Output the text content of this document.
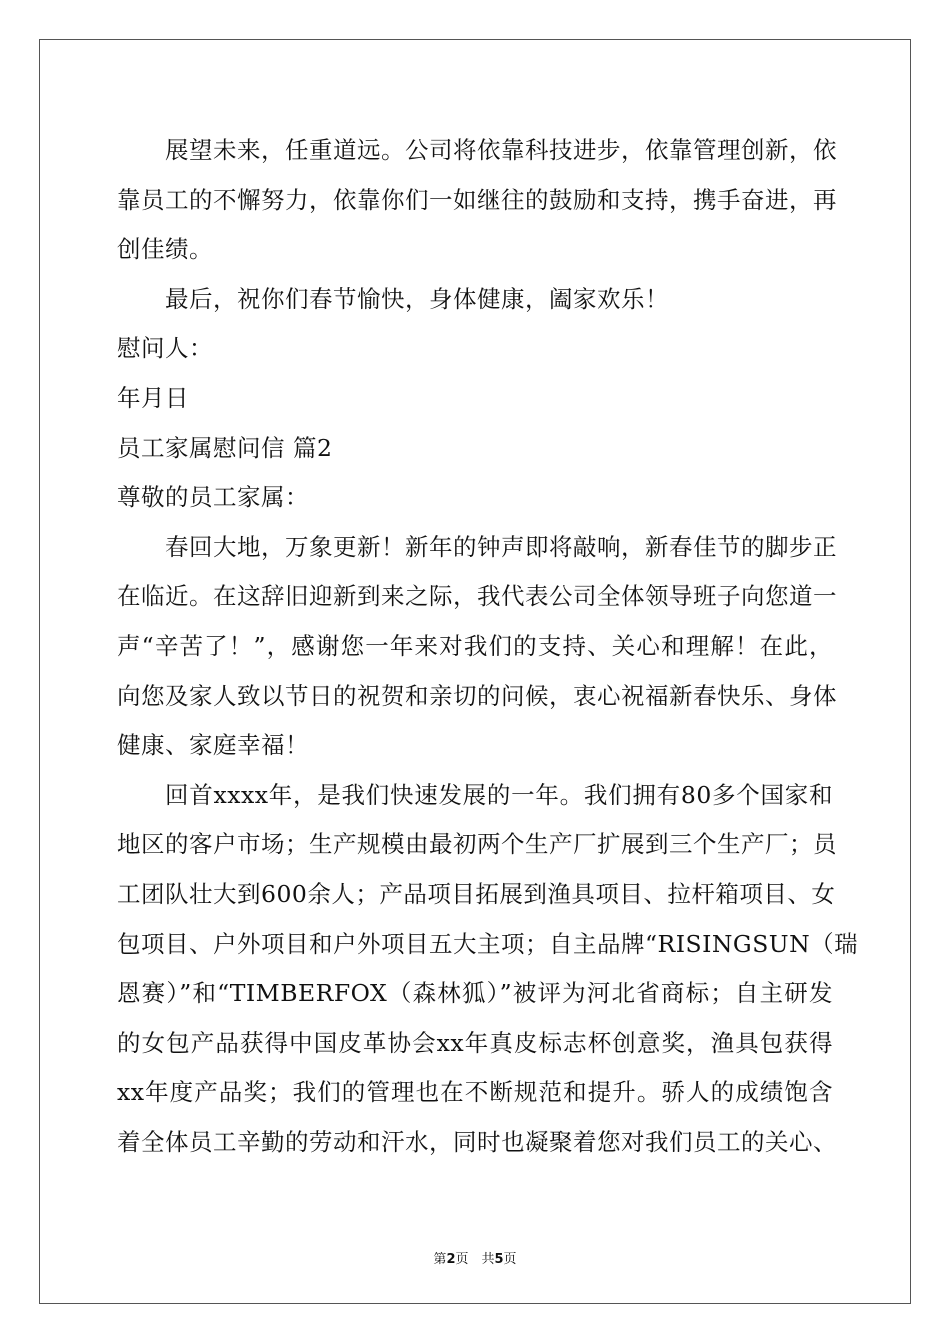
展望未来，任重道远。公司将依靠科技进步，依靠管理创新，依
靠员工的不懈努力，依靠你们一如继往的鼓励和支持，携手奋进，再
创佳绩。
最后，祝你们春节愉快，身体健康，阖家欢乐！
慰问人：
年月日
员工家属慰问信 篇2
尊敬的员工家属：
春回大地，万象更新！新年的钟声即将敲响，新春佳节的脚步正
在临近。在这辞旧迎新到来之际，我代表公司全体领导班子向您道一
声“辛苦了！”，感谢您一年来对我们的支持、关心和理解！在此，
向您及家人致以节日的祝贺和亲切的问候，衷心祝福新春快乐、身体
健康、家庭幸福！
回首xxxx年，是我们快速发展的一年。我们拥有80多个国家和
地区的客户市场；生产规模由最初两个生产厂扩展到三个生产厂；员
工团队壮大到600余人；产品项目拓展到渔具项目、拉杆箱项目、女
包项目、户外项目和户外项目五大主项；自主品牌“RISINGSUN（瑞
恩赛）”和“TIMBERFOX（森林狐）”被评为河北省商标；自主研发
的女包产品获得中国皮革协会xx年真皮标志杯创意奖，渔具包获得
xx年度产品奖；我们的管理也在不断规范和提升。骄人的成绩饱含
着全体员工辛勤的劳动和汗水，同时也凝聚着您对我们员工的关心、
第2页　共5页
